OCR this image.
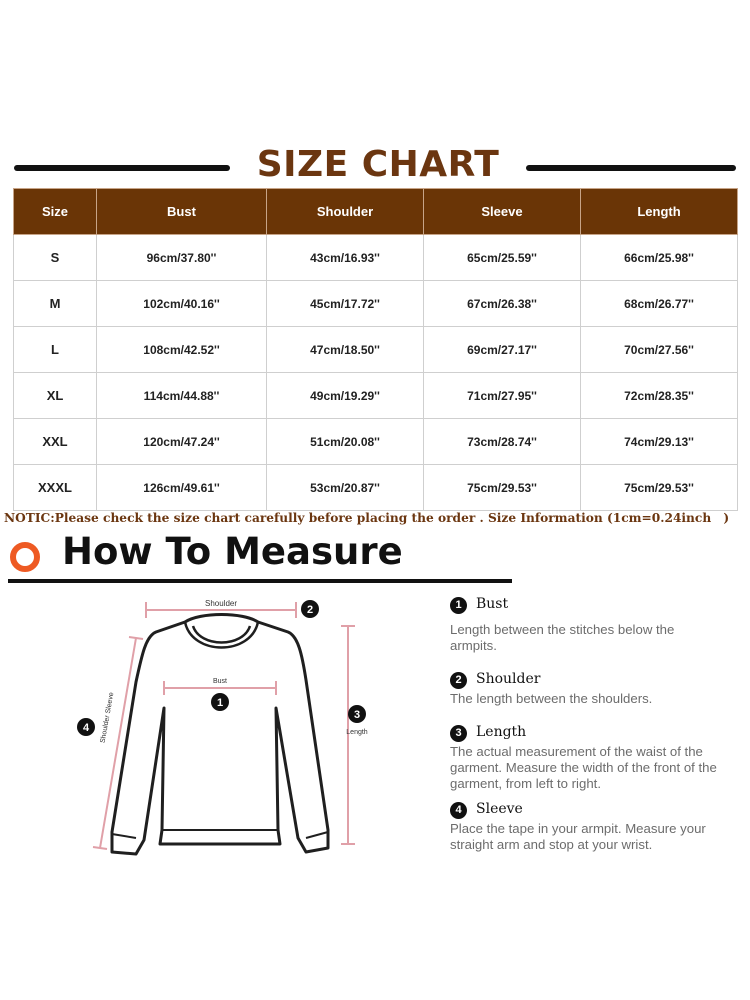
SIZE CHART
Size	Bust	Shoulder	Sleeve	Length
S	96cm/37.80''	43cm/16.93''	65cm/25.59''	66cm/25.98''
M	102cm/40.16''	45cm/17.72''	67cm/26.38''	68cm/26.77''
L	108cm/42.52''	47cm/18.50''	69cm/27.17''	70cm/27.56''
XL	114cm/44.88''	49cm/19.29''	71cm/27.95''	72cm/28.35''
XXL	120cm/47.24''	51cm/20.08''	73cm/28.74''	74cm/29.13''
XXXL	126cm/49.61''	53cm/20.87''	75cm/29.53''	75cm/29.53''
NOTIC:Please check the size chart carefully before placing the order . Size Information (1cm=0.24inch　)
How To Measure
Shoulder
2
Bust
1
3
Length
Shoulder Sleeve
4
1	Bust
Length between the stitches below the armpits.
2	Shoulder
The length between the shoulders.
3	Length
The actual measurement of the waist of the garment. Measure the width of the front of the garment, from left to right.
4	Sleeve
Place the tape in your armpit. Measure your straight arm and stop at your wrist.
